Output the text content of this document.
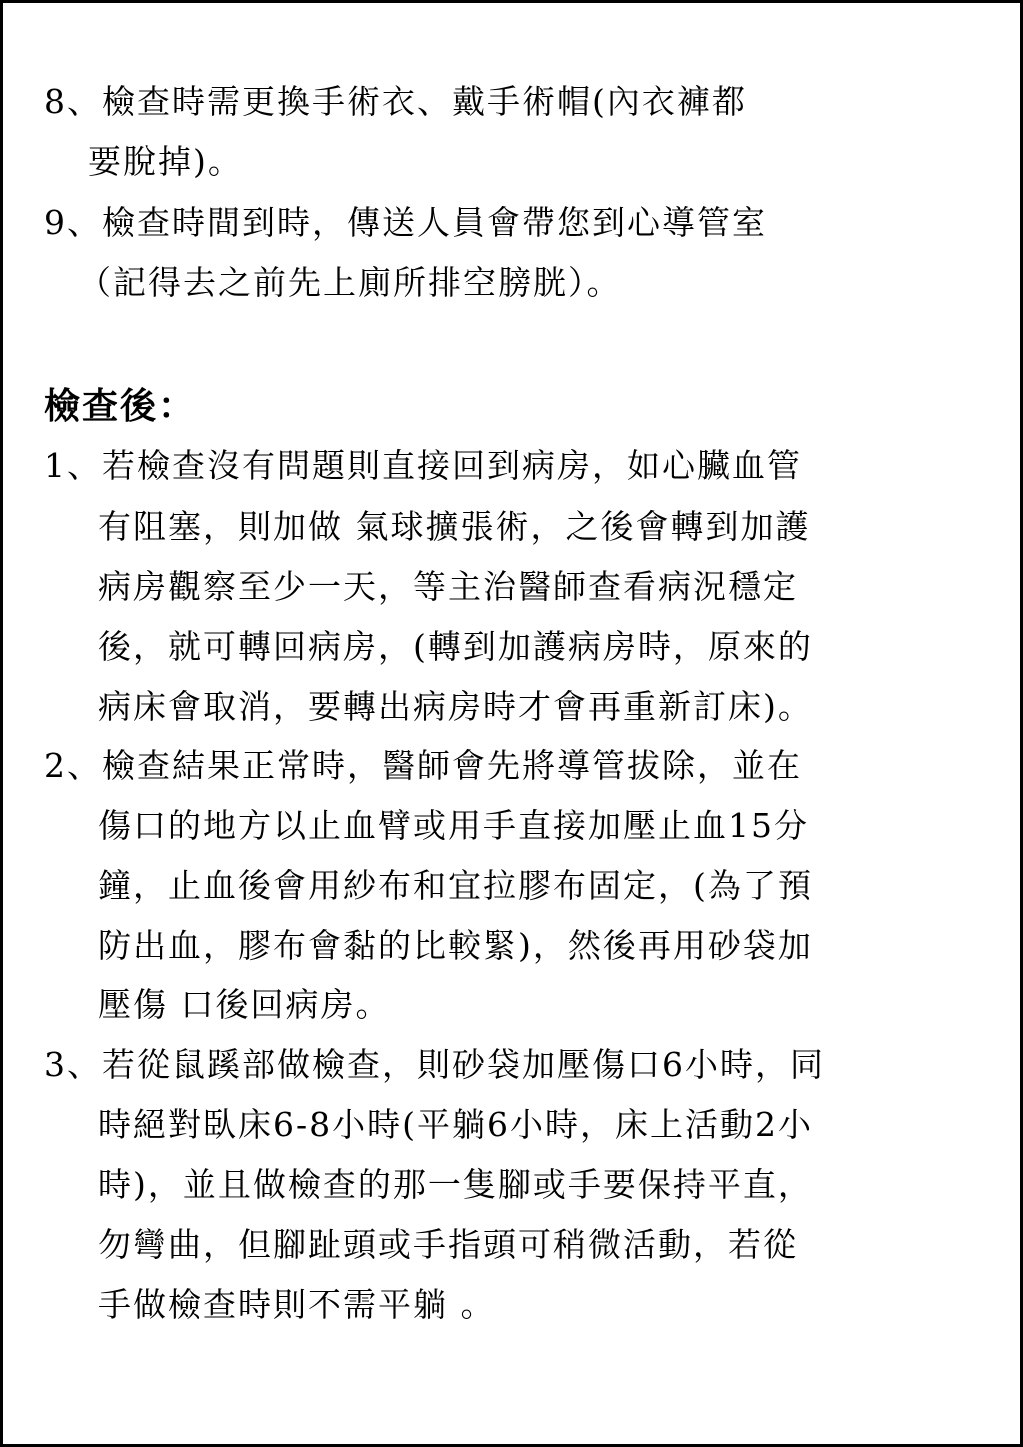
8、檢查時需更換手術衣、戴手術帽(內衣褲都
要脫掉)。
9、檢查時間到時，傳送人員會帶您到心導管室
（記得去之前先上廁所排空膀胱）。
檢查後：
1、若檢查沒有問題則直接回到病房，如心臟血管
有阻塞，則加做 氣球擴張術，之後會轉到加護
病房觀察至少一天，等主治醫師查看病況穩定
後，就可轉回病房，(轉到加護病房時，原來的
病床會取消，要轉出病房時才會再重新訂床)。
2、檢查結果正常時，醫師會先將導管拔除，並在
傷口的地方以止血臂或用手直接加壓止血15分
鐘，止血後會用紗布和宜拉膠布固定，(為了預
防出血，膠布會黏的比較緊)，然後再用砂袋加
壓傷 口後回病房。
3、若從鼠蹊部做檢查，則砂袋加壓傷口6小時，同
時絕對臥床6-8小時(平躺6小時，床上活動2小
時)，並且做檢查的那一隻腳或手要保持平直，
勿彎曲，但腳趾頭或手指頭可稍微活動，若從
手做檢查時則不需平躺 。
